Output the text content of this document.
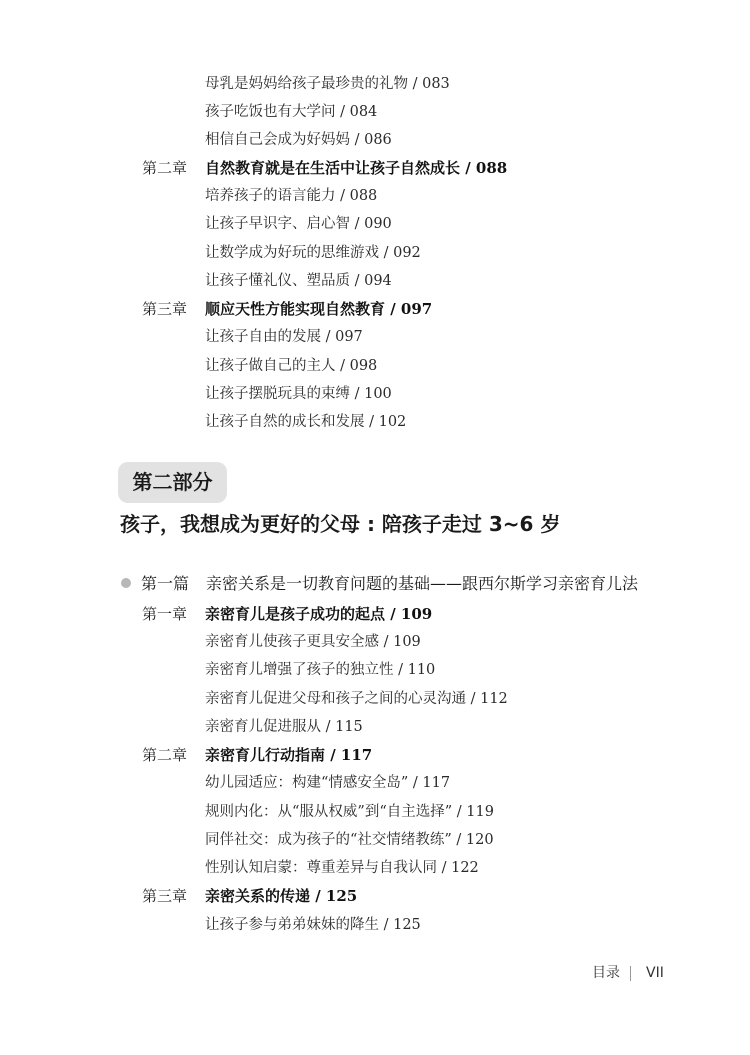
母乳是妈妈给孩子最珍贵的礼物 / 083
孩子吃饭也有大学问 / 084
相信自己会成为好妈妈 / 086
第二章 自然教育就是在生活中让孩子自然成长 / 088
培养孩子的语言能力 / 088
让孩子早识字、启心智 / 090
让数学成为好玩的思维游戏 / 092
让孩子懂礼仪、塑品质 / 094
第三章 顺应天性方能实现自然教育 / 097
让孩子自由的发展 / 097
让孩子做自己的主人 / 098
让孩子摆脱玩具的束缚 / 100
让孩子自然的成长和发展 / 102
第二部分
孩子，我想成为更好的父母 : 陪孩子走过 3~6 岁
第一篇 亲密关系是一切教育问题的基础——跟西尔斯学习亲密育儿法
第一章 亲密育儿是孩子成功的起点 / 109
亲密育儿使孩子更具安全感 / 109
亲密育儿增强了孩子的独立性 / 110
亲密育儿促进父母和孩子之间的心灵沟通 / 112
亲密育儿促进服从 / 115
第二章 亲密育儿行动指南 / 117
幼儿园适应：构建“情感安全岛” / 117
规则内化：从“服从权威”到“自主选择” / 119
同伴社交：成为孩子的“社交情绪教练” / 120
性别认知启蒙：尊重差异与自我认同 / 122
第三章 亲密关系的传递 / 125
让孩子参与弟弟妹妹的降生 / 125
目录 VII
